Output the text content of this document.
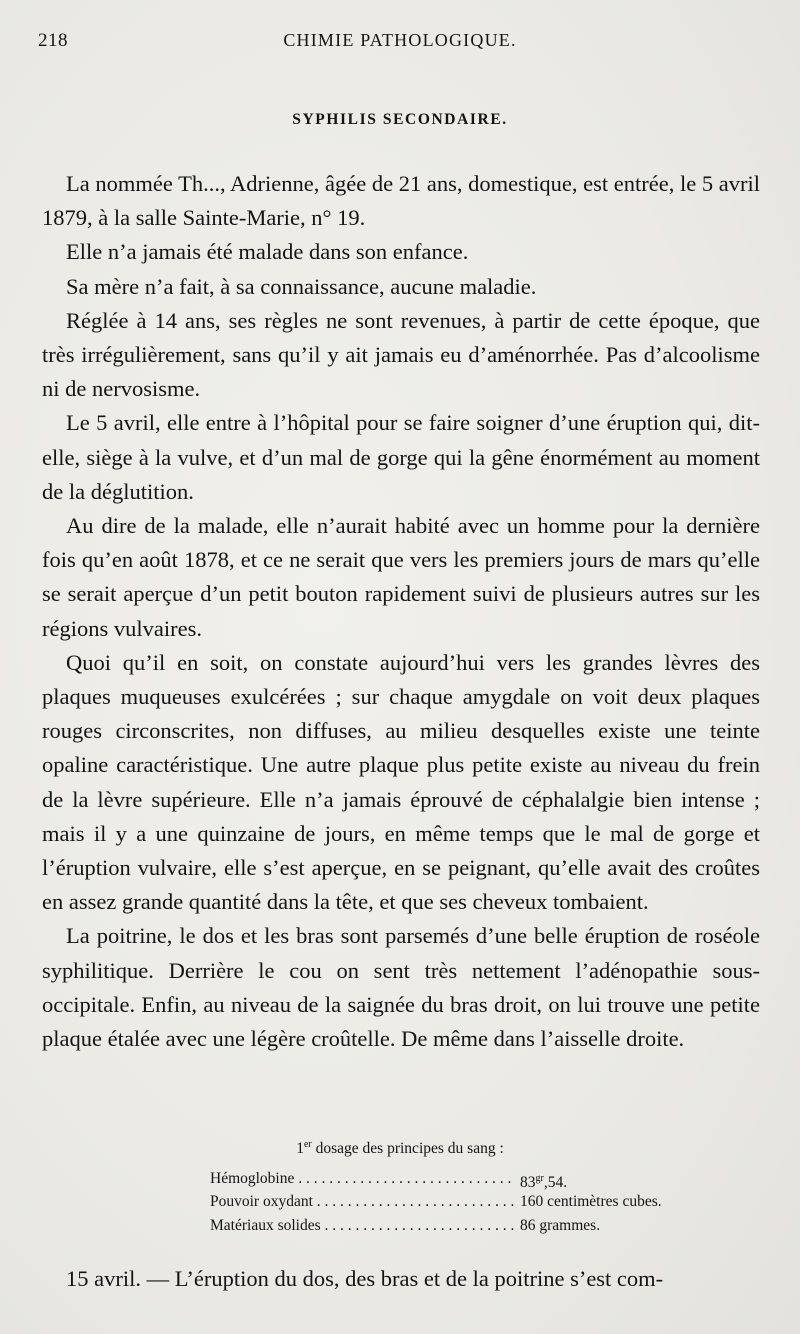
218	CHIMIE PATHOLOGIQUE.
SYPHILIS SECONDAIRE.

La nommée Th..., Adrienne, âgée de 21 ans, domestique, est entrée, le 5 avril 1879, à la salle Sainte-Marie, n° 19.

Elle n’a jamais été malade dans son enfance.

Sa mère n’a fait, à sa connaissance, aucune maladie.

Réglée à 14 ans, ses règles ne sont revenues, à partir de cette époque, que très irrégulièrement, sans qu’il y ait jamais eu d’aménorrhée. Pas d’alcoolisme ni de nervosisme.

Le 5 avril, elle entre à l’hôpital pour se faire soigner d’une éruption qui, dit-elle, siège à la vulve, et d’un mal de gorge qui la gêne énormément au moment de la déglutition.

Au dire de la malade, elle n’aurait habité avec un homme pour la dernière fois qu’en août 1878, et ce ne serait que vers les premiers jours de mars qu’elle se serait aperçue d’un petit bouton rapidement suivi de plusieurs autres sur les régions vulvaires.

Quoi qu’il en soit, on constate aujourd’hui vers les grandes lèvres des plaques muqueuses exulcérées ; sur chaque amygdale on voit deux plaques rouges circonscrites, non diffuses, au milieu desquelles existe une teinte opaline caractéristique. Une autre plaque plus petite existe au niveau du frein de la lèvre supérieure. Elle n’a jamais éprouvé de céphalalgie bien intense ; mais il y a une quinzaine de jours, en même temps que le mal de gorge et l’éruption vulvaire, elle s’est aperçue, en se peignant, qu’elle avait des croûtes en assez grande quantité dans la tête, et que ses cheveux tombaient.

La poitrine, le dos et les bras sont parsemés d’une belle éruption de roséole syphilitique. Derrière le cou on sent très nettement l’adénopathie sous-occipitale. Enfin, au niveau de la saignée du bras droit, on lui trouve une petite plaque étalée avec une légère croûtelle. De même dans l’aisselle droite.

1er dosage des principes du sang :
Hémoglobine . . .	$83^{gr},54$.
Pouvoir oxydant . . .	160 centimètres cubes.
Matériaux solides . . .	86 grammes.
15 avril. — L’éruption du dos, des bras et de la poitrine s’est com-
